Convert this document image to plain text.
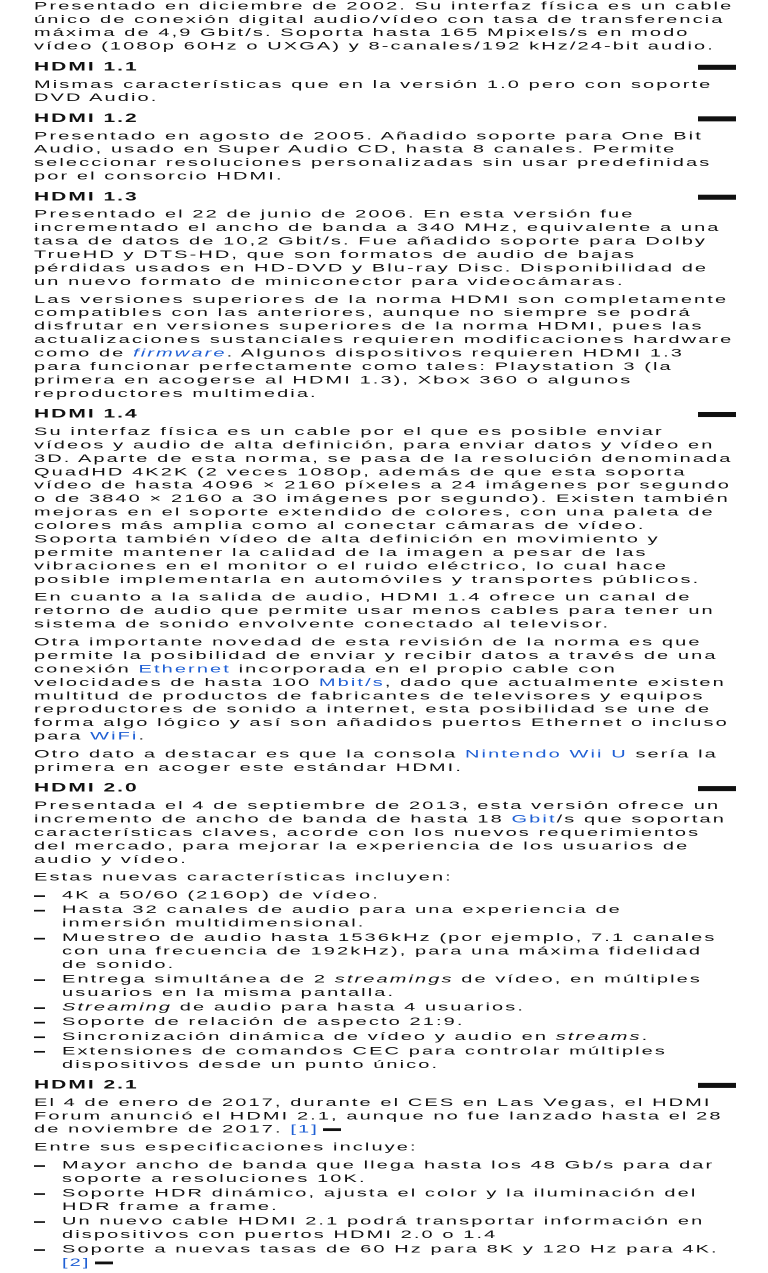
Presentado en diciembre de 2002. Su interfaz física es un cable único de conexión digital audio/vídeo con tasa de transferencia máxima de 4,9 Gbit/s. Soporta hasta 165 Mpixels/s en modo vídeo (1080p 60Hz o UXGA) y 8-canales/192 kHz/24-bit audio.

HDMI 1.1

Mismas características que en la versión 1.0 pero con soporte DVD Audio.

HDMI 1.2

Presentado en agosto de 2005. Añadido soporte para One Bit Audio, usado en Super Audio CD, hasta 8 canales. Permite seleccionar resoluciones personalizadas sin usar predefinidas por el consorcio HDMI.

HDMI 1.3

Presentado el 22 de junio de 2006. En esta versión fue incrementado el ancho de banda a 340 MHz, equivalente a una tasa de datos de 10,2 Gbit/s. Fue añadido soporte para Dolby TrueHD y DTS-HD, que son formatos de audio de bajas pérdidas usados en HD-DVD y Blu-ray Disc. Disponibilidad de un nuevo formato de miniconector para videocámaras.

Las versiones superiores de la norma HDMI son completamente compatibles con las anteriores, aunque no siempre se podrá disfrutar en versiones superiores de la norma HDMI, pues las actualizaciones sustanciales requieren modificaciones hardware como de firmware. Algunos dispositivos requieren HDMI 1.3 para funcionar perfectamente como tales: Playstation 3 (la primera en acogerse al HDMI 1.3), Xbox 360 o algunos reproductores multimedia.

HDMI 1.4

Su interfaz física es un cable por el que es posible enviar vídeos y audio de alta definición, para enviar datos y vídeo en 3D. Aparte de esta norma, se pasa de la resolución denominada QuadHD 4K2K (2 veces 1080p, además de que esta soporta vídeo de hasta 4096 × 2160 píxeles a 24 imágenes por segundo o de 3840 × 2160 a 30 imágenes por segundo). Existen también mejoras en el soporte extendido de colores, con una paleta de colores más amplia como al conectar cámaras de vídeo. Soporta también vídeo de alta definición en movimiento y permite mantener la calidad de la imagen a pesar de las vibraciones en el monitor o el ruido eléctrico, lo cual hace posible implementarla en automóviles y transportes públicos.

En cuanto a la salida de audio, HDMI 1.4 ofrece un canal de retorno de audio que permite usar menos cables para tener un sistema de sonido envolvente conectado al televisor.

Otra importante novedad de esta revisión de la norma es que permite la posibilidad de enviar y recibir datos a través de una conexión Ethernet incorporada en el propio cable con velocidades de hasta 100 Mbit/s, dado que actualmente existen multitud de productos de fabricantes de televisores y equipos reproductores de sonido a internet, esta posibilidad se une de forma algo lógico y así son añadidos puertos Ethernet o incluso para WiFi.

Otro dato a destacar es que la consola Nintendo Wii U sería la primera en acoger este estándar HDMI.

HDMI 2.0

Presentada el 4 de septiembre de 2013, esta versión ofrece un incremento de ancho de banda de hasta 18 Gbit/s que soportan características claves, acorde con los nuevos requerimientos del mercado, para mejorar la experiencia de los usuarios de audio y vídeo.

Estas nuevas características incluyen:

4K a 50/60 (2160p) de vídeo.
Hasta 32 canales de audio para una experiencia de inmersión multidimensional.
Muestreo de audio hasta 1536kHz (por ejemplo, 7.1 canales con una frecuencia de 192kHz), para una máxima fidelidad de sonido.
Entrega simultánea de 2 streamings de vídeo, en múltiples usuarios en la misma pantalla.
Streaming de audio para hasta 4 usuarios.
Soporte de relación de aspecto 21:9.
Sincronización dinámica de vídeo y audio en streams.
Extensiones de comandos CEC para controlar múltiples dispositivos desde un punto único.
HDMI 2.1

El 4 de enero de 2017, durante el CES en Las Vegas, el HDMI Forum anunció el HDMI 2.1, aunque no fue lanzado hasta el 28 de noviembre de 2017. [1]

Entre sus especificaciones incluye:

Mayor ancho de banda que llega hasta los 48 Gb/s para dar soporte a resoluciones 10K.
Soporte HDR dinámico, ajusta el color y la iluminación del HDR frame a frame.
Un nuevo cable HDMI 2.1 podrá transportar información en dispositivos con puertos HDMI 2.0 o 1.4
Soporte a nuevas tasas de 60 Hz para 8K y 120 Hz para 4K. [2]
